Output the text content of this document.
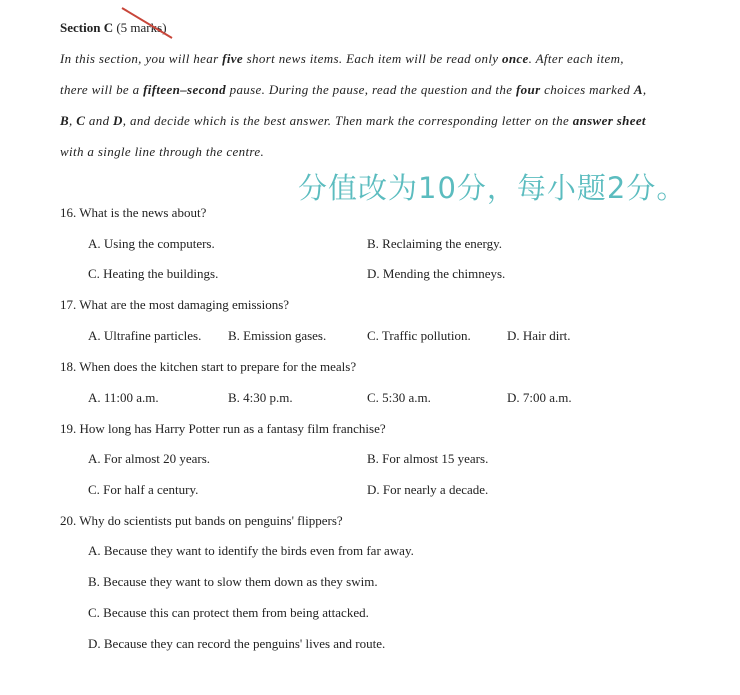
Section C (5 marks)
In this section, you will hear five short news items. Each item will be read only once. After each item,
there will be a fifteen–second pause. During the pause, read the question and the four choices marked A,
B, C and D, and decide which is the best answer. Then mark the corresponding letter on the answer sheet
with a single line through the centre.
分值改为10分，每小题2分。
16. What is the news about?
A. Using the computers.	B. Reclaiming the energy.
C. Heating the buildings.	D. Mending the chimneys.
17. What are the most damaging emissions?
A. Ultrafine particles. B. Emission gases.	C. Traffic pollution.	D. Hair dirt.
18. When does the kitchen start to prepare for the meals?
A. 11:00 a.m.	B. 4:30 p.m.	C. 5:30 a.m.	D. 7:00 a.m.
19. How long has Harry Potter run as a fantasy film franchise?
A. For almost 20 years.	B. For almost 15 years.
C. For half a century.	D. For nearly a decade.
20. Why do scientists put bands on penguins' flippers?
A. Because they want to identify the birds even from far away.
B. Because they want to slow them down as they swim.
C. Because this can protect them from being attacked.
D. Because they can record the penguins' lives and route.
